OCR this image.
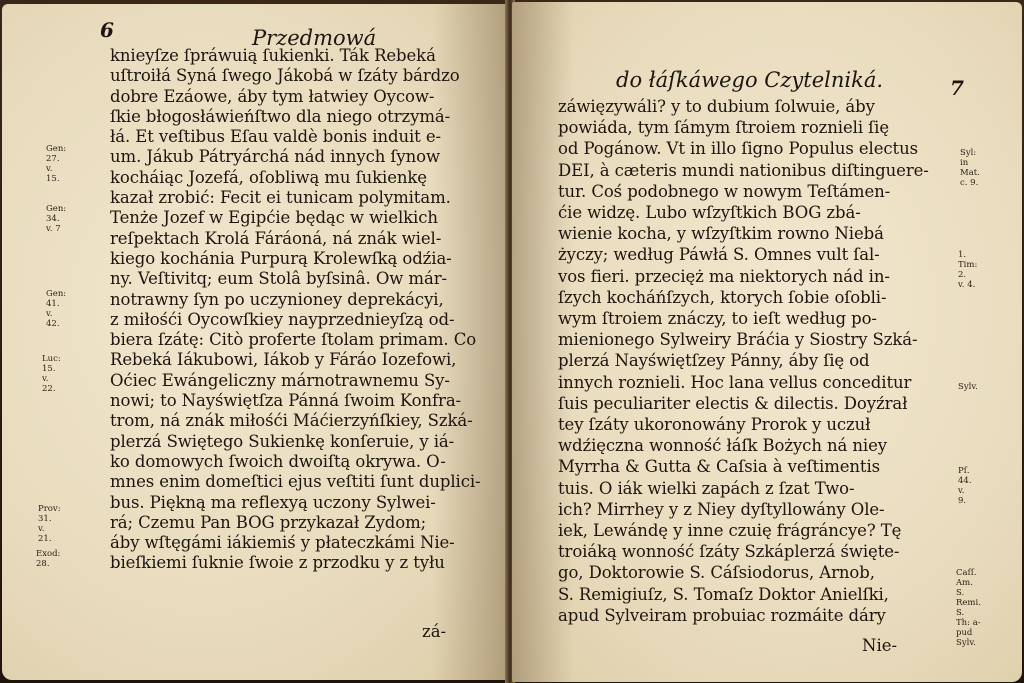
6	Przedmowá

knieyſze ſpráwuią ſukienki. Ták Rebeká
uſtroiłá Syná ſwego Jákobá w ſzáty bárdzo
dobre Ezáowe, áby tym łatwiey Oycow-
ſkie błogosłáwieńſtwo dla niego otrzymá-
łá. Et veſtibus Eſau valdè bonis induit e-
um. Jákub Pátryárchá nád innych ſynow
kocháiąc Jozefá, oſobliwą mu ſukienkę
kazał zrobić: Fecit ei tunicam polymitam.
Tenże Jozef w Egipćie będąc w wielkich
reſpektach Krolá Fáráoná, ná znák wiel-
kiego kochánia Purpurą Krolewſką odźia-
ny. Veſtivitq; eum Stolâ byſsinâ. Ow már-
notrawny ſyn po uczynioney deprekácyi,
z miłośći Oycowſkiey nayprzednieyſzą od-
biera ſzátę: Citò proferte ſtolam primam. Co
Rebeká Iákubowi, Iákob y Fáráo Iozefowi,
Oćiec Ewángeliczny márnotrawnemu Sy-
nowi; to Nayświętſza Pánná ſwoim Konfra-
trom, ná znák miłośći Máćierzyńſkiey, Szká-
plerzá Swiętego Sukienkę konſeruie, y iá-
ko domowych ſwoich dwoiſtą okrywa. O-
mnes enim domeſtici ejus veſtiti ſunt duplici-
bus. Piękną ma reflexyą uczony Sylwei-
rá; Czemu Pan BOG przykazał Zydom;
áby wſtęgámi iákiemiś y płateczkámi Nie-
bieſkiemi ſuknie ſwoie z przodku y z tyłu

zá-

Gen: 27.
v. 15.
Gen: 34.
v. 7
Gen: 41.
v. 42.
Luc: 15.
v. 22.
Prov: 31.
v. 21.
Exod: 28.

7

do łáſkáwego Czytelniká.

záwięzywáli? y to dubium ſolwuie, áby
powiáda, tym ſámym ſtroiem roznieli ſię
od Pogánow. Vt in illo ſigno Populus electus
DEI, à cæteris mundi nationibus diſtinguere-
tur. Coś podobnego w nowym Teſtámen-
ćie widzę. Lubo wſzyſtkich BOG zbá-
wienie kocha, y wſzyſtkim rowno Niebá
życzy; według Páwłá S. Omnes vult ſal-
vos fieri. przecięż ma niektorych nád in-
ſzych kocháńſzych, ktorych ſobie oſobli-
wym ſtroiem znáczy, to ieſt według po-
mienionego Sylweiry Bráćia y Siostry Szká-
plerzá Nayświętſzey Pánny, áby ſię od
innych roznieli. Hoc lana vellus conceditur
ſuis peculiariter electis & dilectis. Doyźrał
tey ſzáty ukoronowány Prorok y uczuł
wdźięczna wonność łáſk Bożych ná niey
Myrrha & Gutta & Caſsia à veſtimentis
tuis. O iák wielki zapách z ſzat Two-
ich? Mirrhey y z Niey dyſtyllowány Ole-
iek, Lewándę y inne czuię frágráncye? Tę
troiáką wonność ſzáty Szkáplerzá święte-
go, Doktorowie S. Cáſsiodorus, Arnob,
S. Remigiuſz, S. Tomaſz Doktor Anielſki,
apud Sylveiram probuiac rozmáite dáry

Nie-

Syl: in
Mat. c. 9.
1. Tim: 2.
v. 4.
Sylv.
Pſ. 44.
v. 9.
Caſſ. Am.
S. Remi.
S. Th: a-
pud Sylv.
